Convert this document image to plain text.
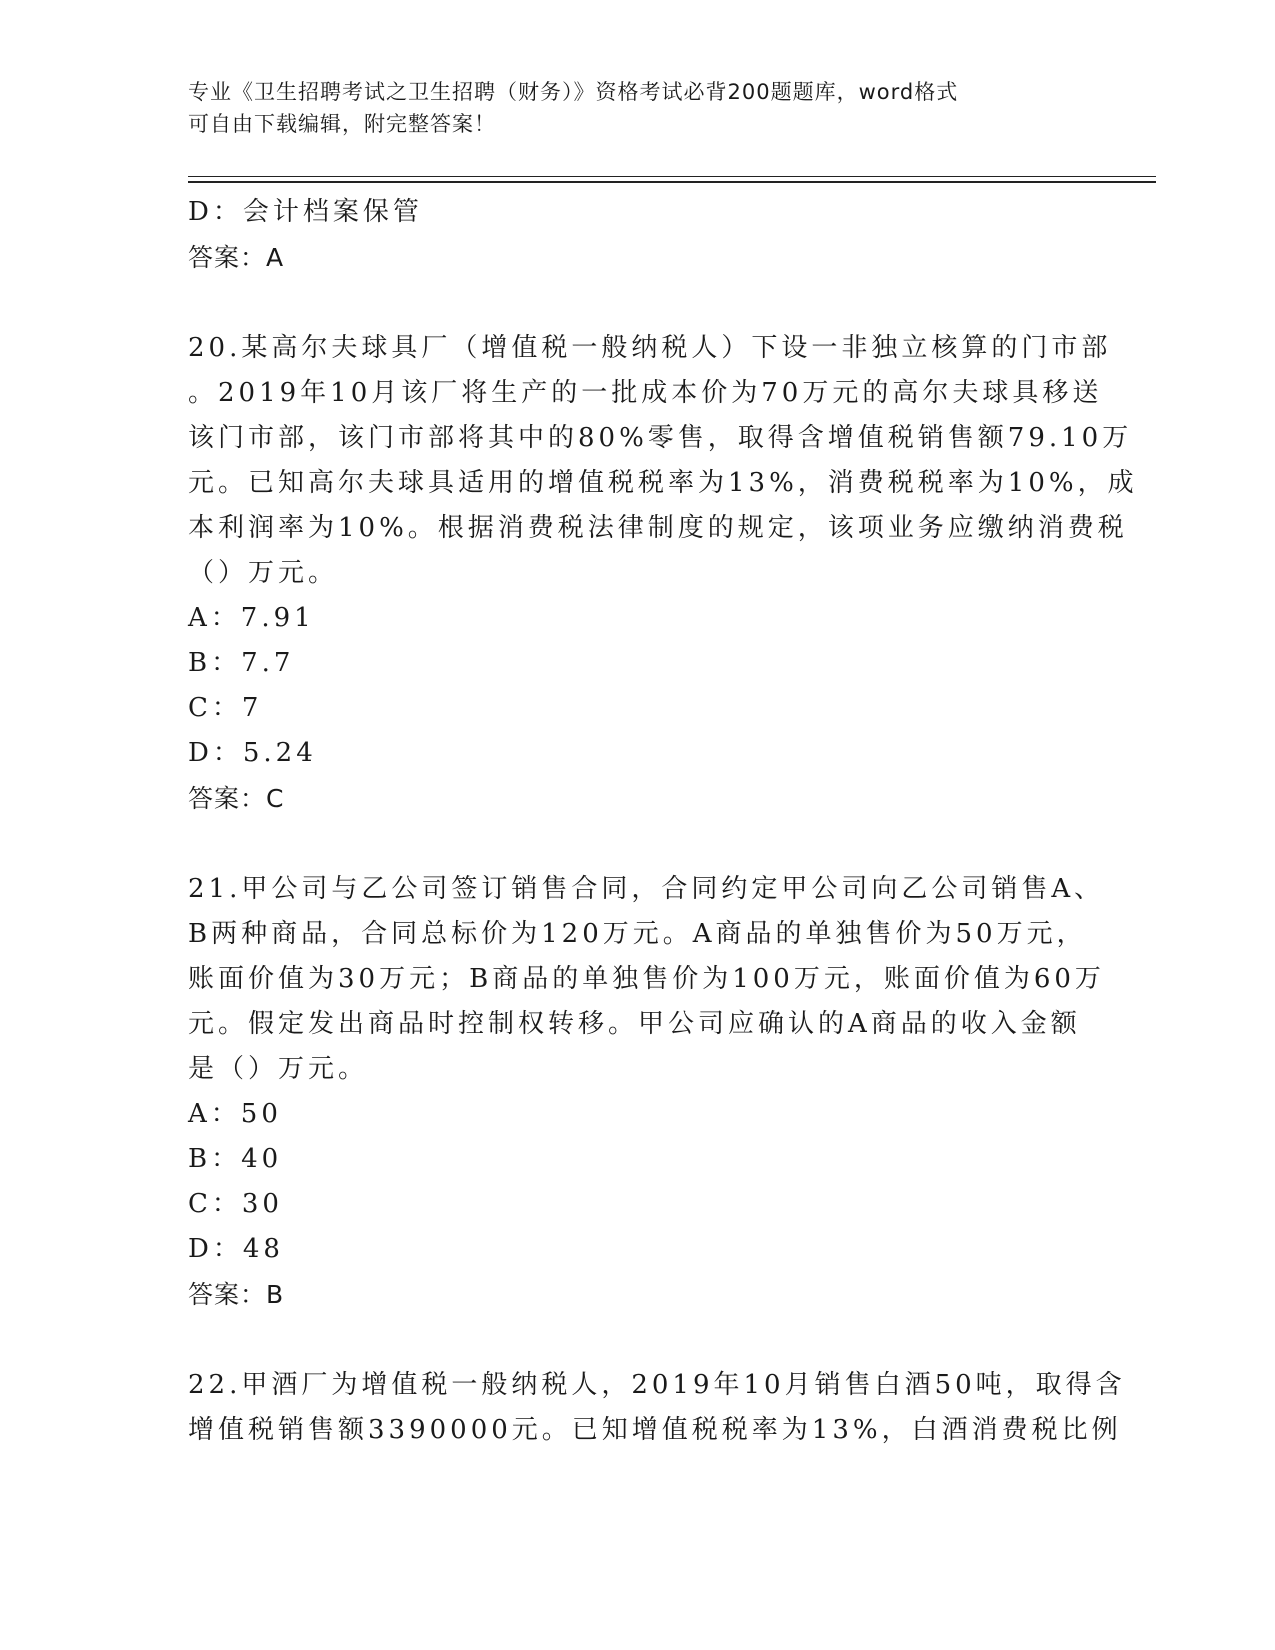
专业《卫生招聘考试之卫生招聘（财务）》资格考试必背200题题库，word格式
可自由下载编辑，附完整答案！
D：会计档案保管
答案：A
20.某高尔夫球具厂（增值税一般纳税人）下设一非独立核算的门市部
。2019年10月该厂将生产的一批成本价为70万元的高尔夫球具移送
该门市部，该门市部将其中的80%零售，取得含增值税销售额79.10万
元。已知高尔夫球具适用的增值税税率为13%，消费税税率为10%，成
本利润率为10%。根据消费税法律制度的规定，该项业务应缴纳消费税
（）万元。
A：7.91
B：7.7
C：7
D：5.24
答案：C
21.甲公司与乙公司签订销售合同，合同约定甲公司向乙公司销售A、
B两种商品，合同总标价为120万元。A商品的单独售价为50万元，
账面价值为30万元；B商品的单独售价为100万元，账面价值为60万
元。假定发出商品时控制权转移。甲公司应确认的A商品的收入金额
是（）万元。
A：50
B：40
C：30
D：48
答案：B
22.甲酒厂为增值税一般纳税人，2019年10月销售白酒50吨，取得含
增值税销售额3390000元。已知增值税税率为13%，白酒消费税比例
